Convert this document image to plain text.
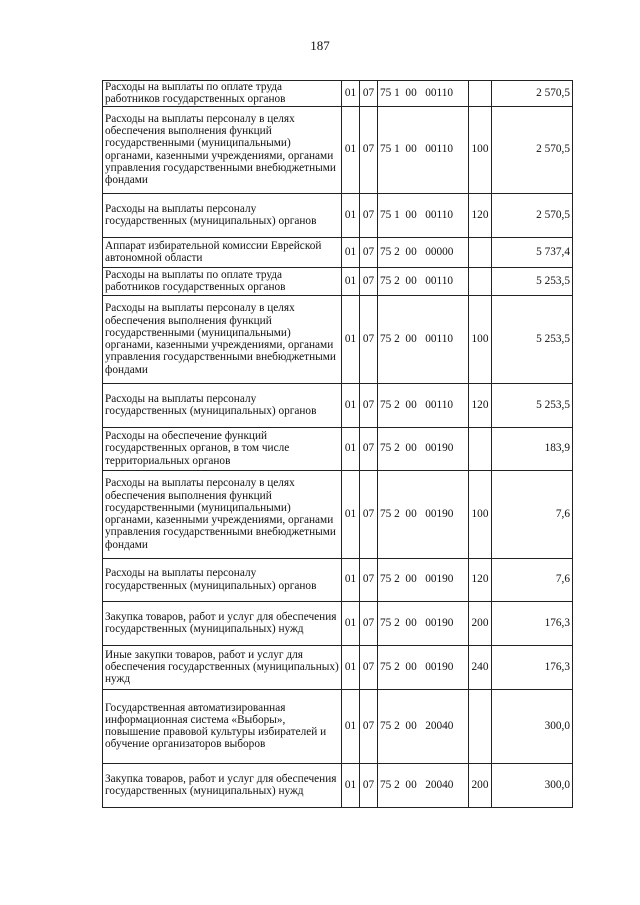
187
Расходы на выплаты по оплате труда работников государственных органов	01	07	75 1  00   00110		2 570,5
Расходы на выплаты персоналу в целях обеспечения выполнения функций государственными (муниципальными) органами, казенными учреждениями, органами управления государственными внебюджетными фондами	01	07	75 1  00   00110	100	2 570,5
Расходы на выплаты персоналу государственных (муниципальных) органов	01	07	75 1  00   00110	120	2 570,5
Аппарат избирательной комиссии Еврейской автономной области	01	07	75 2  00   00000		5 737,4
Расходы на выплаты по оплате труда работников государственных органов	01	07	75 2  00   00110		5 253,5
Расходы на выплаты персоналу в целях обеспечения выполнения функций государственными (муниципальными) органами, казенными учреждениями, органами управления государственными внебюджетными фондами	01	07	75 2  00   00110	100	5 253,5
Расходы на выплаты персоналу государственных (муниципальных) органов	01	07	75 2  00   00110	120	5 253,5
Расходы на обеспечение функций государственных органов, в том числе территориальных органов	01	07	75 2  00   00190		183,9
Расходы на выплаты персоналу в целях обеспечения выполнения функций государственными (муниципальными) органами, казенными учреждениями, органами управления государственными внебюджетными фондами	01	07	75 2  00   00190	100	7,6
Расходы на выплаты персоналу государственных (муниципальных) органов	01	07	75 2  00   00190	120	7,6
Закупка товаров, работ и услуг для обеспечения государственных (муниципальных) нужд	01	07	75 2  00   00190	200	176,3
Иные закупки товаров, работ и услуг для обеспечения государственных (муниципальных) нужд	01	07	75 2  00   00190	240	176,3
Государственная автоматизированная информационная система «Выборы», повышение правовой культуры избирателей и обучение организаторов выборов	01	07	75 2  00   20040		300,0
Закупка товаров, работ и услуг для обеспечения государственных (муниципальных) нужд	01	07	75 2  00   20040	200	300,0
